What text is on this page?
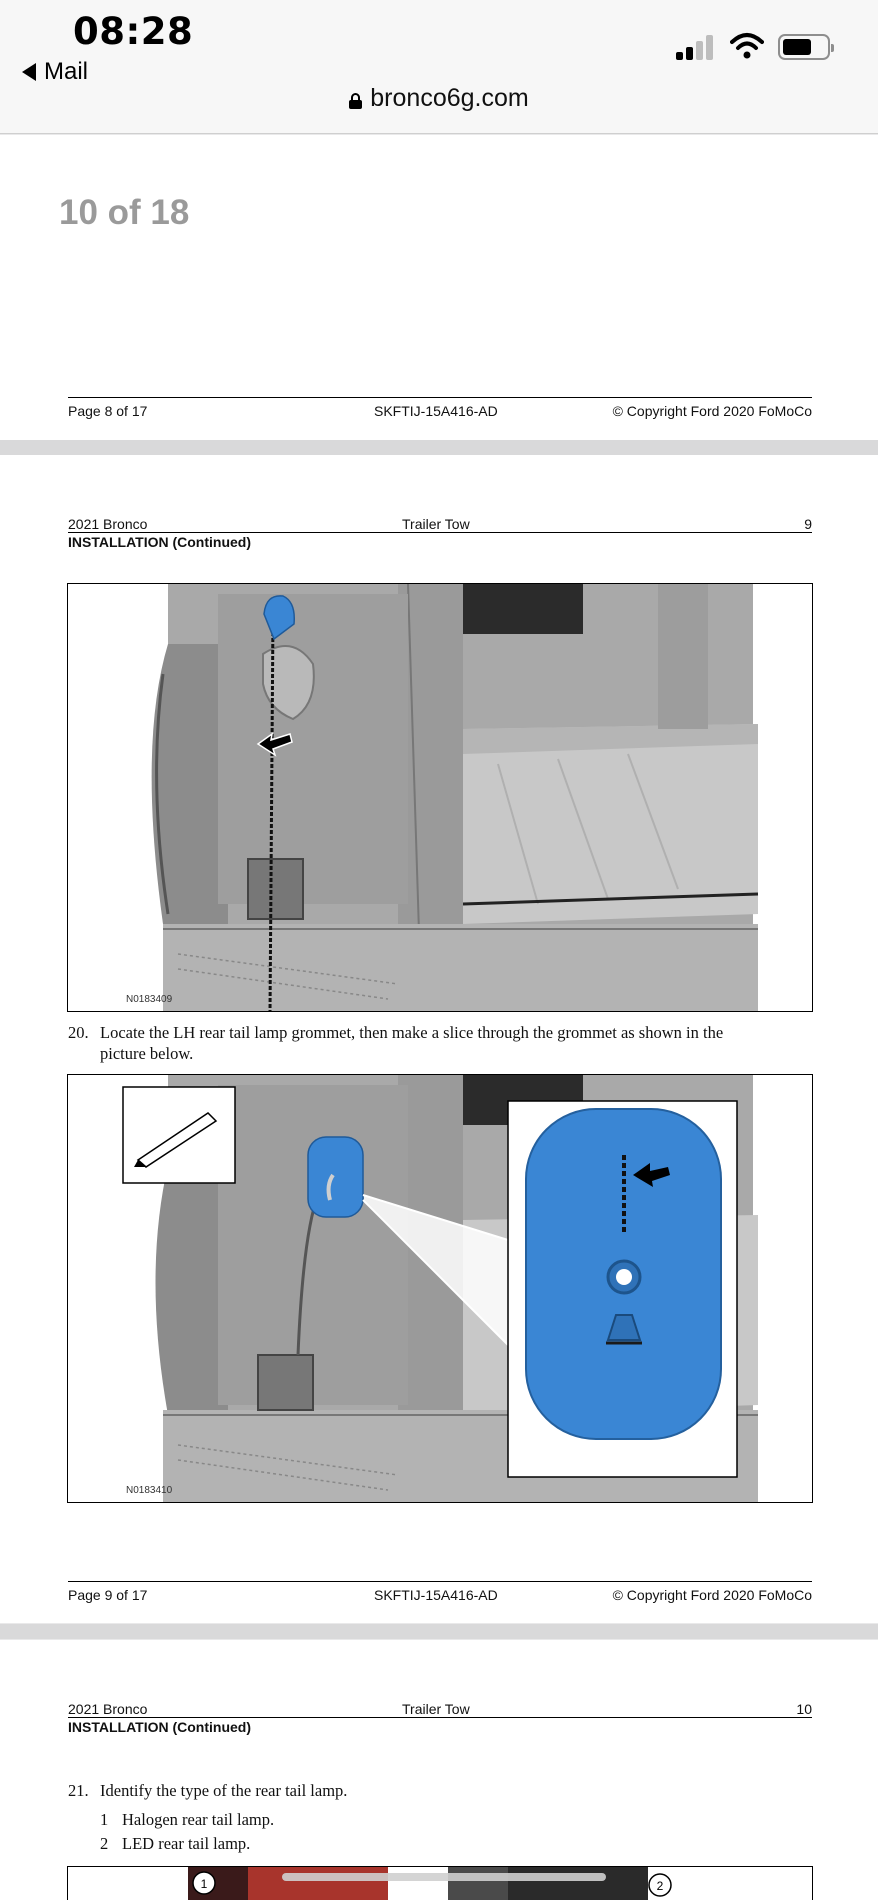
08:28
Mail
bronco6g.com
10 of 18
Page 8 of 17	SKFTIJ-15A416-AD	© Copyright Ford 2020 FoMoCo
2021 Bronco	Trailer Tow	9
INSTALLATION (Continued)
N0183409
20. Locate the LH rear tail lamp grommet, then make a slice through the grommet as shown in the
picture below.
N0183410
Page 9 of 17	SKFTIJ-15A416-AD	© Copyright Ford 2020 FoMoCo
2021 Bronco	Trailer Tow	10
INSTALLATION (Continued)
21. Identify the type of the rear tail lamp.
1 Halogen rear tail lamp.
2 LED rear tail lamp.
1	2
